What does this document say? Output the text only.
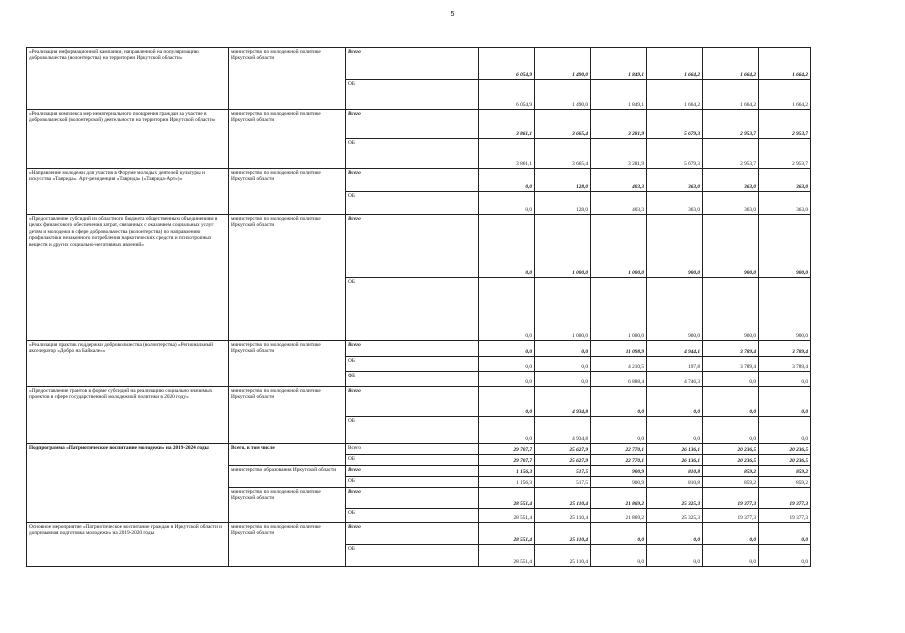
5
«Реализация информационной кампании, направленной на популяризацию добровольчества (волонтерства) на территории Иркутской области»	министерство по молодежной политике Иркутской области	Всего	6 054,9	1 490,0	1 849,1	1 664,2	1 664,2	1 664,2
		ОБ	6 054,9	1 490,0	1 849,1	1 664,2	1 664,2	1 664,2
«Реализация комплекса мер нематериального поощрения граждан за участие в добровольческой (волонтерской) деятельности на территории Иркутской области»	министерство по молодежной политике Иркутской области	Всего	3 861,1	3 665,4	3 281,9	5 679,3	2 953,7	2 953,7
		ОБ	3 861,1	3 665,4	3 281,9	5 679,3	2 953,7	2 953,7
«Направление молодежи для участия в Форуме молодых деятелей культуры и искусства «Таврида». Арт-резиденция «Таврида» («Таврида-Арт»)»	министерство по молодежной политике Иркутской области	Всего	0,0	128,0	403,3	363,0	363,0	363,0
		ОБ	0,0	128,0	403,3	363,0	363,0	363,0
«Предоставление субсидий из областного бюджета общественным объединениям в целях финансового обеспечения затрат, связанных с оказанием социальных услуг детям и молодежи в сфере добровольчества (волонтерства) по направлению профилактики незаконного потребления наркотических средств и психотропных веществ и других социально-негативных явлений»	министерство по молодежной политике Иркутской области	Всего	0,0	1 000,0	1 000,0	900,0	900,0	900,0
		ОБ	0,0	1 000,0	1 000,0	900,0	900,0	900,0
«Реализация практик поддержки добровольчества (волонтерства) «Региональный акселератор «Добро на Байкале»»	министерство по молодежной политике Иркутской области	Всего	0,0	0,0	11 098,9	4 944,1	3 789,4	3 789,4
		ОБ	0,0	0,0	4 210,5	197,8	3 789,4	3 789,4
		ФБ	0,0	0,0	6 888,4	4 746,3	0,0	0,0
«Предоставление грантов в форме субсидий на реализацию социально значимых проектов в сфере государственной молодежной политики в 2020 году»	министерство по молодежной политике Иркутской области	Всего	0,0	4 934,8	0,0	0,0	0,0	0,0
		ОБ	0,0	4 934,8	0,0	0,0	0,0	0,0
Подпрограмма «Патриотическое воспитание молодежи» на 2019-2024 годы	Всего, в том числе	Всего	29 707,7	25 627,9	22 770,1	26 136,1	20 236,5	20 236,5
		ОБ	29 707,7	25 627,9	22 770,1	26 136,1	20 236,5	20 236,5
	министерство образования Иркутской области	Всего	1 156,3	517,5	900,9	810,8	859,2	859,2
		ОБ	1 156,3	517,5	900,9	810,8	859,2	859,2
	министерство по молодежной политике Иркутской области	Всего	28 551,4	25 110,4	21 869,2	25 325,3	19 377,3	19 377,3
		ОБ	28 551,4	25 110,4	21 869,2	25 325,3	19 377,3	19 377,3
Основное мероприятие «Патриотическое воспитание граждан в Иркутской области и допризывная подготовка молодежи» на 2019-2020 годы	министерство по молодежной политике Иркутской области	Всего	28 551,4	25 110,4	0,0	0,0	0,0	0,0
		ОБ	28 551,4	25 110,4	0,0	0,0	0,0	0,0
